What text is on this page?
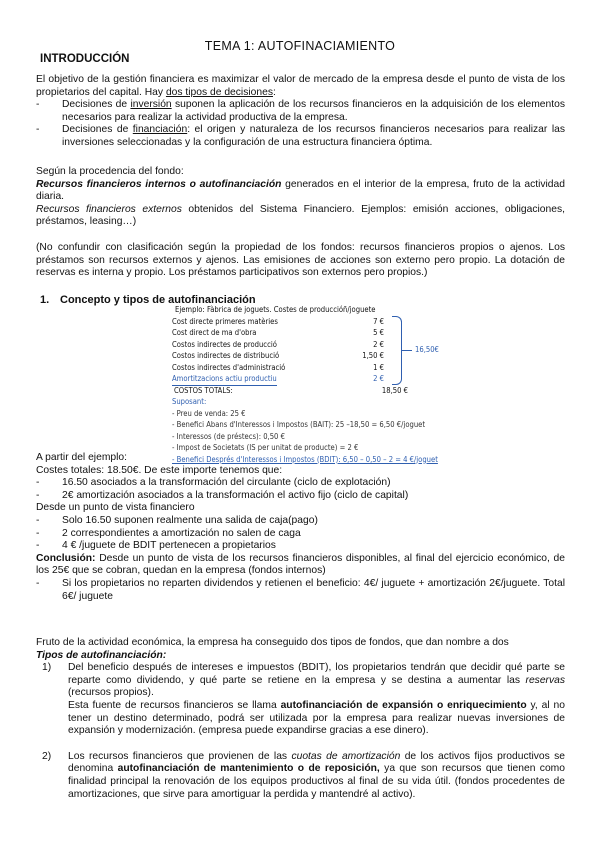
TEMA 1: AUTOFINACIAMIENTO
INTRODUCCIÓN

El objetivo de la gestión financiera es maximizar el valor de mercado de la empresa desde el punto de vista de los propietarios del capital. Hay dos tipos de decisiones:

- Decisiones de inversión suponen la aplicación de los recursos financieros en la adquisición de los elementos necesarios para realizar la actividad productiva de la empresa.

- Decisiones de financiación: el origen y naturaleza de los recursos financieros necesarios para realizar las inversiones seleccionadas y la configuración de una estructura financiera óptima.

Según la procedencia del fondo:

Recursos financieros internos o autofinanciación generados en el interior de la empresa, fruto de la actividad diaria.

Recursos financieros externos obtenidos del Sistema Financiero. Ejemplos: emisión acciones, obligaciones, préstamos, leasing…)

(No confundir con clasificación según la propiedad de los fondos: recursos financieros propios o ajenos. Los préstamos son recursos externos y ajenos. Las emisiones de acciones son externo pero propio. La dotación de reservas es interna y propio. Los préstamos participativos son externos pero propios.)

1. Concepto y tipos de autofinanciación
Ejemplo: Fàbrica de joguets. Costes de produccióñ/joguete
Cost directe primeres matèries	7 €
Cost direct de ma d'obra	5 €
Costos indirectes de producció	2 €
Costos indirectes de distribució	1,50 €
Costos indirectes d'administració	1 €
Amortitzacions actiu productiu	2 €
16,50€
COSTOS TOTALS:	18,50 €
Suposant:
- Preu de venda: 25 €
- Benefici Abans d'Interessos i Impostos (BAIT): 25 –18,50 = 6,50 €/joguet
- Interessos (de préstecs): 0,50 €
- Impost de Societats (IS per unitat de producte) = 2 €
- Benefici Després d'Interessos i Impostos (BDIT): 6,50 – 0,50 – 2 = 4 €/joguet

A partir del ejemplo:

Costes totales: 18.50€. De este importe tenemos que:

- 16.50 asociados a la transformación del circulante (ciclo de explotación)

- 2€ amortización asociados a la transformación el activo fijo (ciclo de capital)

Desde un punto de vista financiero

- Solo 16.50 suponen realmente una salida de caja(pago)

- 2 correspondientes a amortización no salen de caga

- 4 € /juguete de BDIT pertenecen a propietarios

Conclusión: Desde un punto de vista de los recursos financieros disponibles, al final del ejercicio económico, de los 25€ que se cobran, quedan en la empresa (fondos internos)

- Si los propietarios no reparten dividendos y retienen el beneficio: 4€/ juguete + amortización 2€/juguete. Total 6€/ juguete

Fruto de la actividad económica, la empresa ha conseguido dos tipos de fondos, que dan nombre a dos

Tipos de autofinanciación:

1) Del beneficio después de intereses e impuestos (BDIT), los propietarios tendrán que decidir qué parte se reparte como dividendo, y qué parte se retiene en la empresa y se destina a aumentar las reservas (recursos propios).

Esta fuente de recursos financieros se llama autofinanciación de expansión o enriquecimiento y, al no tener un destino determinado, podrá ser utilizada por la empresa para realizar nuevas inversiones de expansión y modernización. (empresa puede expandirse gracias a ese dinero).

2) Los recursos financieros que provienen de las cuotas de amortización de los activos fijos productivos se denomina autofinanciación de mantenimiento o de reposición, ya que son recursos que tienen como finalidad principal la renovación de los equipos productivos al final de su vida útil. (fondos procedentes de amortizaciones, que sirve para amortiguar la perdida y mantendré al activo).
